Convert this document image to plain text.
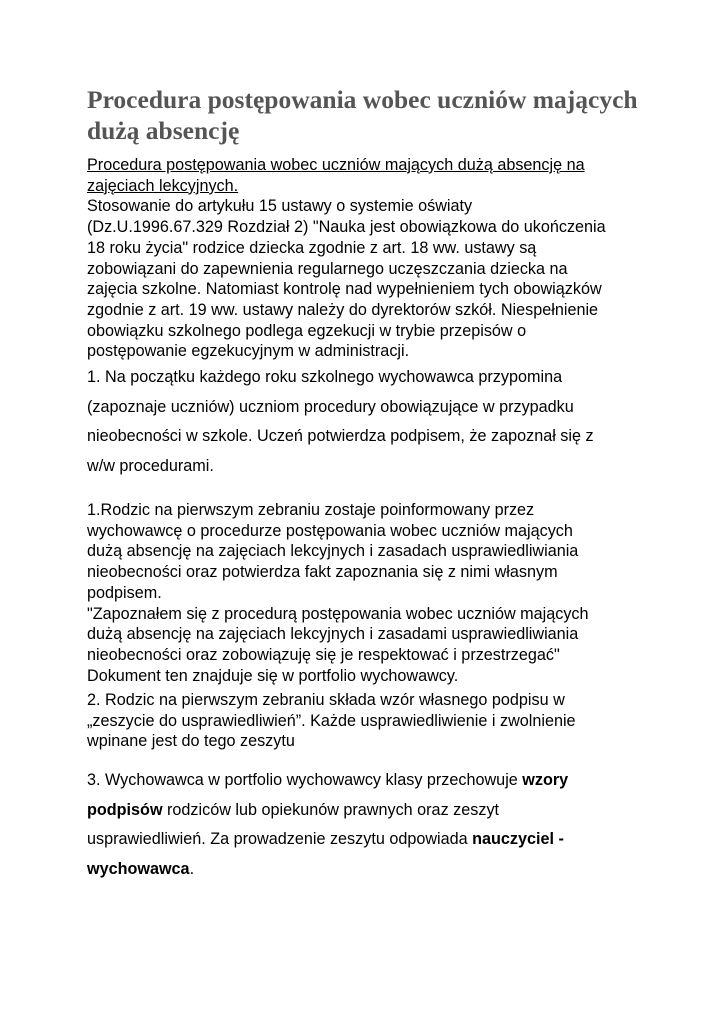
Procedura postępowania wobec uczniów mających
dużą absencję
Procedura postępowania wobec uczniów mających dużą absencję na
zajęciach lekcyjnych.
Stosowanie do artykułu 15 ustawy o systemie oświaty
(Dz.U.1996.67.329 Rozdział 2) "Nauka jest obowiązkowa do ukończenia
18 roku życia" rodzice dziecka zgodnie z art. 18 ww. ustawy są
zobowiązani do zapewnienia regularnego uczęszczania dziecka na
zajęcia szkolne. Natomiast kontrolę nad wypełnieniem tych obowiązków
zgodnie z art. 19 ww. ustawy należy do dyrektorów szkół. Niespełnienie
obowiązku szkolnego podlega egzekucji w trybie przepisów o
postępowanie egzekucyjnym w administracji.
1. Na początku każdego roku szkolnego wychowawca przypomina
(zapoznaje uczniów) uczniom procedury obowiązujące w przypadku
nieobecności w szkole. Uczeń potwierdza podpisem, że zapoznał się z
w/w procedurami.
1.Rodzic na pierwszym zebraniu zostaje poinformowany przez
wychowawcę o procedurze postępowania wobec uczniów mających
dużą absencję na zajęciach lekcyjnych i zasadach usprawiedliwiania
nieobecności oraz potwierdza fakt zapoznania się z nimi własnym
podpisem.
"Zapoznałem się z procedurą postępowania wobec uczniów mających
dużą absencję na zajęciach lekcyjnych i zasadami usprawiedliwiania
nieobecności oraz zobowiązuję się je respektować i przestrzegać"
Dokument ten znajduje się w portfolio wychowawcy.
2. Rodzic na pierwszym zebraniu składa wzór własnego podpisu w
„zeszycie do usprawiedliwień”. Każde usprawiedliwienie i zwolnienie
wpinane jest do tego zeszytu
3. Wychowawca w portfolio wychowawcy klasy przechowuje wzory
podpisów rodziców lub opiekunów prawnych oraz zeszyt
usprawiedliwień. Za prowadzenie zeszytu odpowiada nauczyciel -
wychowawca.
